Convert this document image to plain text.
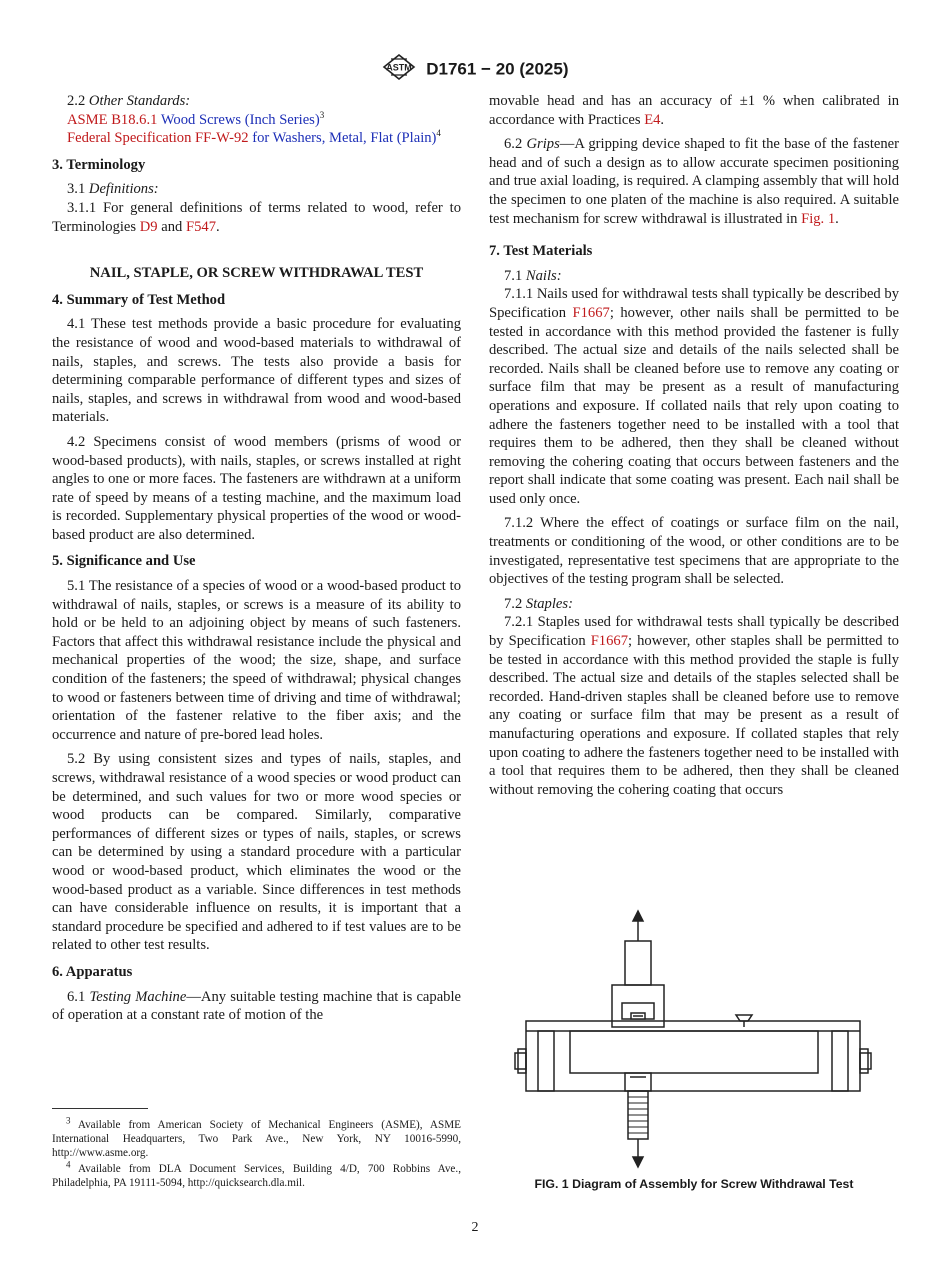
ASTM D1761 − 20 (2025)

2.2 Other Standards:

ASME B18.6.1 Wood Screws (Inch Series)$^3$

Federal Specification FF-W-92 for Washers, Metal, Flat (Plain)$^4$

3. Terminology

3.1 Definitions:

3.1.1 For general definitions of terms related to wood, refer to Terminologies D9 and F547.

NAIL, STAPLE, OR SCREW WITHDRAWAL TEST

4. Summary of Test Method

4.1 These test methods provide a basic procedure for evaluating the resistance of wood and wood-based materials to withdrawal of nails, staples, and screws. The tests also provide a basis for determining comparable performance of different types and sizes of nails, staples, and screws in withdrawal from wood and wood-based materials.

4.2 Specimens consist of wood members (prisms of wood or wood-based products), with nails, staples, or screws installed at right angles to one or more faces. The fasteners are withdrawn at a uniform rate of speed by means of a testing machine, and the maximum load is recorded. Supplementary physical properties of the wood or wood-based product are also determined.

5. Significance and Use

5.1 The resistance of a species of wood or a wood-based product to withdrawal of nails, staples, or screws is a measure of its ability to hold or be held to an adjoining object by means of such fasteners. Factors that affect this withdrawal resistance include the physical and mechanical properties of the wood; the size, shape, and surface condition of the fasteners; the speed of withdrawal; physical changes to wood or fasteners between time of driving and time of withdrawal; orientation of the fastener relative to the fiber axis; and the occurrence and nature of pre-bored lead holes.

5.2 By using consistent sizes and types of nails, staples, and screws, withdrawal resistance of a wood species or wood product can be determined, and such values for two or more wood species or wood products can be compared. Similarly, comparative performances of different sizes or types of nails, staples, or screws can be determined by using a standard procedure with a particular wood or wood-based product, which eliminates the wood or the wood-based product as a variable. Since differences in test methods can have considerable influence on results, it is important that a standard procedure be specified and adhered to if test values are to be related to other test results.

6. Apparatus

6.1 Testing Machine—Any suitable testing machine that is capable of operation at a constant rate of motion of the

$^3$ Available from American Society of Mechanical Engineers (ASME), ASME International Headquarters, Two Park Ave., New York, NY 10016-5990, http://www.asme.org.
$^4$ Available from DLA Document Services, Building 4/D, 700 Robbins Ave., Philadelphia, PA 19111-5094, http://quicksearch.dla.mil.

movable head and has an accuracy of ±1 % when calibrated in accordance with Practices E4.

6.2 Grips—A gripping device shaped to fit the base of the fastener head and of such a design as to allow accurate specimen positioning and true axial loading, is required. A clamping assembly that will hold the specimen to one platen of the machine is also required. A suitable test mechanism for screw withdrawal is illustrated in Fig. 1.

7. Test Materials

7.1 Nails:

7.1.1 Nails used for withdrawal tests shall typically be described by Specification F1667; however, other nails shall be permitted to be tested in accordance with this method provided the fastener is fully described. The actual size and details of the nails selected shall be recorded. Nails shall be cleaned before use to remove any coating or surface film that may be present as a result of manufacturing operations and exposure. If collated nails that rely upon coating to adhere the fasteners together need to be installed with a tool that requires them to be adhered, then they shall be cleaned without removing the cohering coating that occurs between fasteners and the report shall indicate that some coating was present. Each nail shall be used only once.

7.1.2 Where the effect of coatings or surface film on the nail, treatments or conditioning of the wood, or other conditions are to be investigated, representative test specimens that are appropriate to the objectives of the testing program shall be selected.

7.2 Staples:

7.2.1 Staples used for withdrawal tests shall typically be described by Specification F1667; however, other staples shall be permitted to be tested in accordance with this method provided the staple is fully described. The actual size and details of the staples selected shall be recorded. Hand-driven staples shall be cleaned before use to remove any coating or surface film that may be present as a result of manufacturing operations and exposure. If collated staples that rely upon coating to adhere the fasteners together need to be installed with a tool that requires them to be adhered, then they shall be cleaned without removing the cohering coating that occurs

FIG. 1 Diagram of Assembly for Screw Withdrawal Test
2
